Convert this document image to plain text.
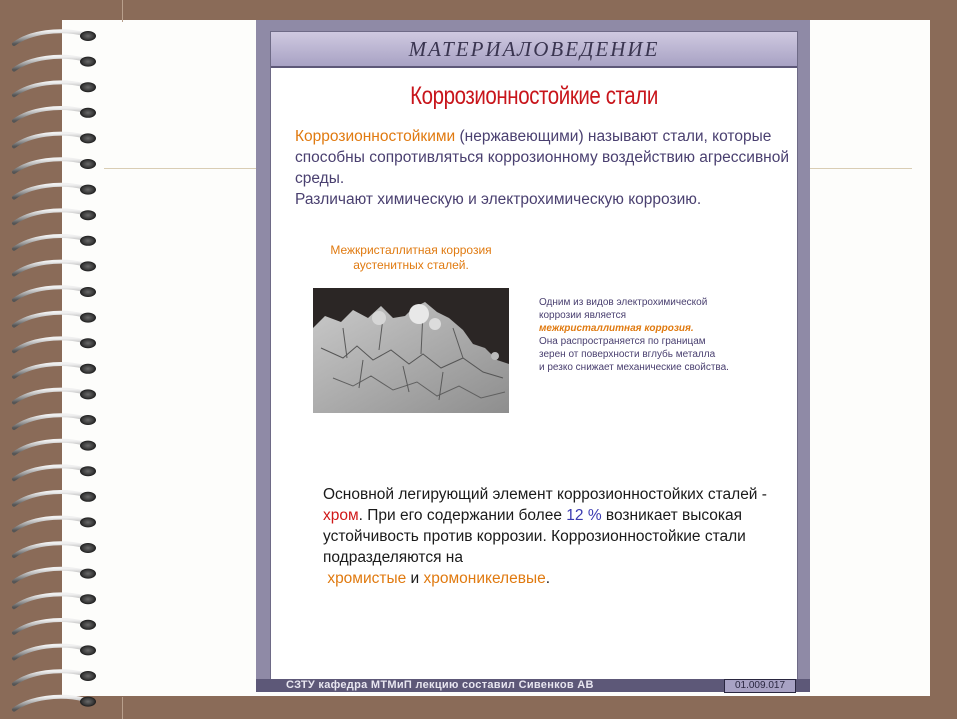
МАТЕРИАЛОВЕДЕНИЕ
Коррозионностойкие стали
Коррозионностойкими (нержавеющими) называют стали, которые способны сопротивляться коррозионному воздействию агрессивной среды.
Различают химическую и электрохимическую коррозию.
Межкристаллитная коррозия
аустенитных сталей.
Одним из видов электрохимической
коррозии является
межкристаллитная коррозия.
Она распространяется по границам
зерен от поверхности вглубь металла
и резко снижает механические свойства.
Основной легирующий элемент коррозионностойких сталей - хром. При его содержании более 12 % возникает высокая устойчивость против коррозии. Коррозионностойкие стали подразделяются на
хромистые и хромоникелевые.
СЗТУ кафедра МТМиП лекцию составил Сивенков АВ	01.009.017
